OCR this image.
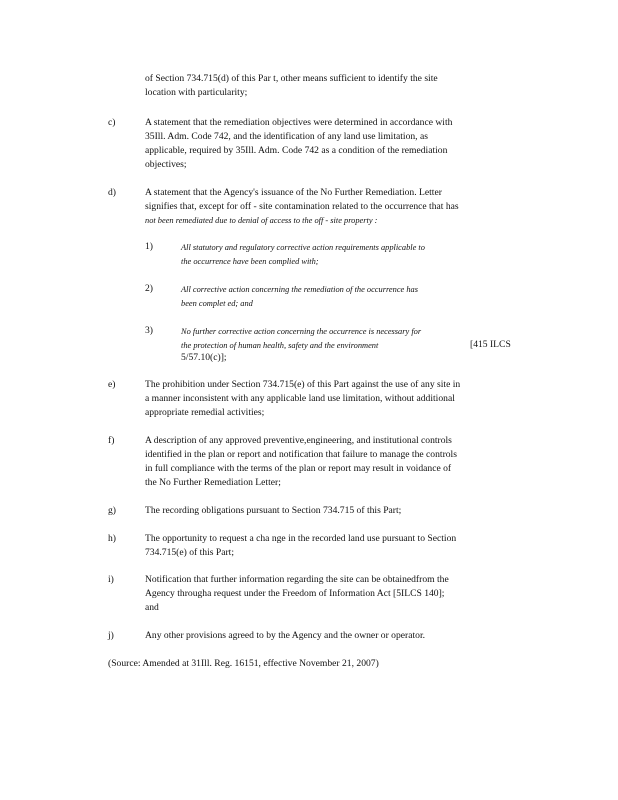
of Section 734.715(d) of this Par t, other means sufficient to identify the site
location with particularity;
c)	A statement that the remediation objectives were determined in accordance with
35Ill. Adm. Code 742, and the identification of any land use limitation, as
applicable, required by 35Ill. Adm. Code 742 as a condition of the remediation
objectives;
d)	A statement that the Agency's issuance of the No Further Remediation. Letter
signifies that, except for off - site contamination related to the occurrence that has
not been remediated due to denial of access to the off - site property :
1)	All statutory and regulatory corrective action requirements applicable to
the occurrence have been complied with;
2)	All corrective action concerning the remediation of the occurrence has
been complet ed; and
3)	No further corrective action concerning the occurrence is necessary for
the protection of human health, safety and the environment	[415 ILCS
5/57.10(c)];
e)	The prohibition under Section 734.715(e) of this Part against the use of any site in
a manner inconsistent with any applicable land use limitation, without additional
appropriate remedial activities;
f)	A description of any approved preventive,engineering, and institutional controls
identified in the plan or report and notification that failure to manage the controls
in full compliance with the terms of the plan or report may result in voidance of
the No Further Remediation Letter;
g)	The recording obligations pursuant to Section 734.715 of this Part;
h)	The opportunity to request a cha nge in the recorded land use pursuant to Section
734.715(e) of this Part;
i)	Notification that further information regarding the site can be obtainedfrom the
Agency througha request under the Freedom of Information Act [5ILCS 140];
and
j)	Any other provisions agreed to by the Agency and the owner or operator.
(Source: Amended at 31Ill. Reg. 16151, effective November 21, 2007)
